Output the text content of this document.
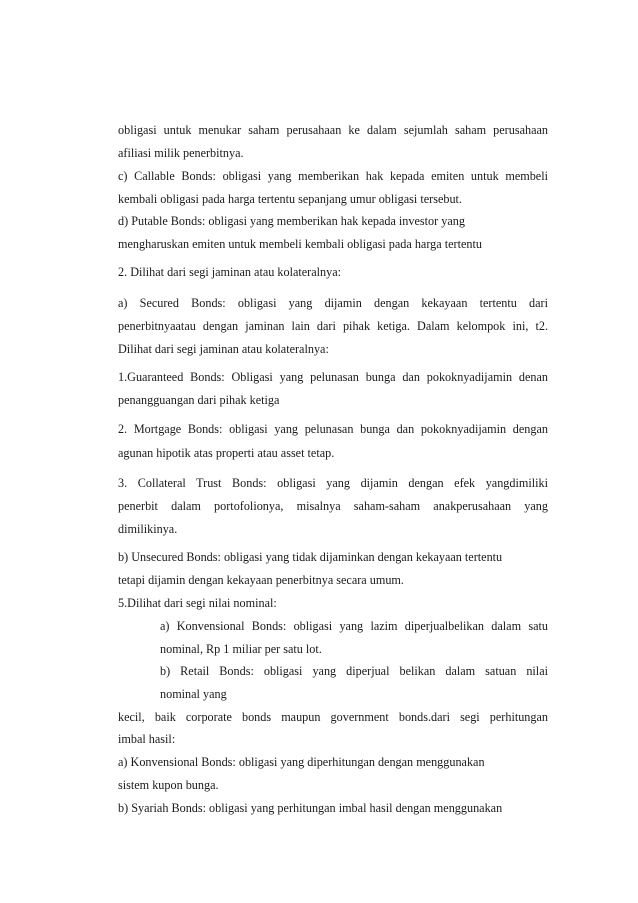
obligasi untuk menukar saham perusahaan ke dalam sejumlah saham perusahaan
afiliasi milik penerbitnya.
c) Callable Bonds: obligasi yang memberikan hak kepada emiten untuk membeli
kembali obligasi pada harga tertentu sepanjang umur obligasi tersebut.
d) Putable Bonds: obligasi yang memberikan hak kepada investor yang
mengharuskan emiten untuk membeli kembali obligasi pada harga tertentu
2. Dilihat dari segi jaminan atau kolateralnya:
a) Secured Bonds: obligasi yang dijamin dengan kekayaan tertentu dari
penerbitnyaatau dengan jaminan lain dari pihak ketiga. Dalam kelompok ini, t2.
Dilihat dari segi jaminan atau kolateralnya:
1.Guaranteed Bonds: Obligasi yang pelunasan bunga dan pokoknyadijamin denan
penangguangan dari pihak ketiga
2. Mortgage Bonds: obligasi yang pelunasan bunga dan pokoknyadijamin dengan
agunan hipotik atas properti atau asset tetap.
3. Collateral Trust Bonds: obligasi yang dijamin dengan efek yangdimiliki
penerbit dalam portofolionya, misalnya saham-saham anakperusahaan yang
dimilikinya.
b) Unsecured Bonds: obligasi yang tidak dijaminkan dengan kekayaan tertentu
tetapi dijamin dengan kekayaan penerbitnya secara umum.
5.Dilihat dari segi nilai nominal:
a) Konvensional Bonds: obligasi yang lazim diperjualbelikan dalam satu
nominal, Rp 1 miliar per satu lot.
b) Retail Bonds: obligasi yang diperjual belikan dalam satuan nilai
nominal yang
kecil, baik corporate bonds maupun government bonds.dari segi perhitungan
imbal hasil:
a) Konvensional Bonds: obligasi yang diperhitungan dengan menggunakan
sistem kupon bunga.
b) Syariah Bonds: obligasi yang perhitungan imbal hasil dengan menggunakan
